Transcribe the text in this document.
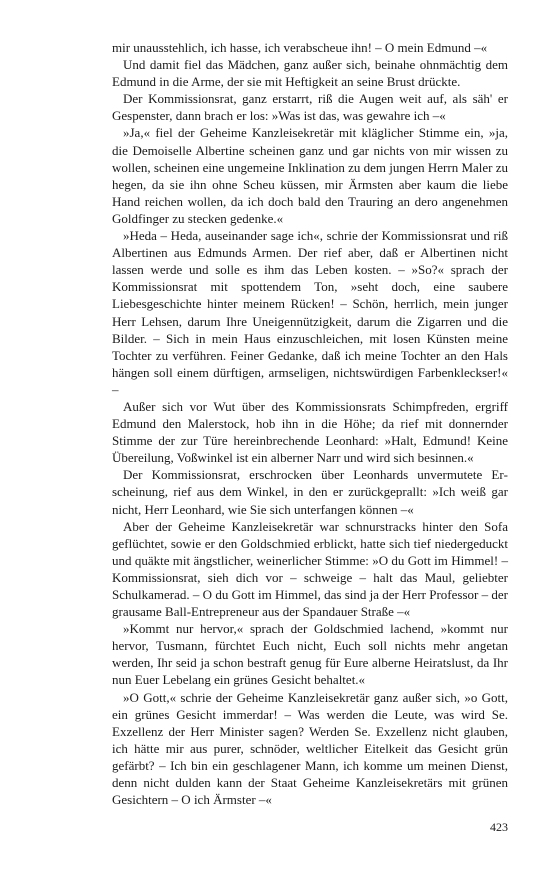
mir unausstehlich, ich hasse, ich verabscheue ihn! – O mein Edmund –«

Und damit fiel das Mädchen, ganz außer sich, beinahe ohnmächtig dem Edmund in die Arme, der sie mit Heftigkeit an seine Brust drückte.

Der Kommissionsrat, ganz erstarrt, riß die Augen weit auf, als säh' er Gespenster, dann brach er los: »Was ist das, was gewahre ich –«

»Ja,« fiel der Geheime Kanzleisekretär mit kläglicher Stimme ein, »ja, die Demoiselle Albertine scheinen ganz und gar nichts von mir wissen zu wollen, scheinen eine ungemeine Inklination zu dem jungen Herrn Maler zu hegen, da sie ihn ohne Scheu küssen, mir Ärmsten aber kaum die liebe Hand reichen wollen, da ich doch bald den Trauring an dero angenehmen Goldfinger zu stecken gedenke.«

»Heda – Heda, auseinander sage ich«, schrie der Kommissionsrat und riß Albertinen aus Edmunds Armen. Der rief aber, daß er Albertinen nicht lassen werde und solle es ihm das Leben kosten. – »So?« sprach der Kommissionsrat mit spottendem Ton, »seht doch, eine saubere Liebesgeschichte hinter meinem Rücken! – Schön, herrlich, mein junger Herr Lehsen, darum Ihre Uneigennützigkeit, darum die Zigarren und die Bilder. – Sich in mein Haus einzuschleichen, mit losen Künsten meine Tochter zu verführen. Feiner Gedanke, daß ich meine Tochter an den Hals hängen soll einem dürftigen, armseligen, nichtswürdigen Farbenkleckser!« –

Außer sich vor Wut über des Kommissionsrats Schimpfreden, ergriff Edmund den Malerstock, hob ihn in die Höhe; da rief mit donnernder Stimme der zur Türe hereinbrechende Leonhard: »Halt, Edmund! Keine Übereilung, Voßwinkel ist ein alberner Narr und wird sich besinnen.«

Der Kommissionsrat, erschrocken über Leonhards unvermutete Erscheinung, rief aus dem Winkel, in den er zurückgeprallt: »Ich weiß gar nicht, Herr Leonhard, wie Sie sich unterfangen können –«

Aber der Geheime Kanzleisekretär war schnurstracks hinter den Sofa geflüchtet, sowie er den Goldschmied erblickt, hatte sich tief niedergeduckt und quäkte mit ängstlicher, weinerlicher Stimme: »O du Gott im Himmel! – Kommissionsrat, sieh dich vor – schweige – halt das Maul, geliebter Schulkamerad. – O du Gott im Himmel, das sind ja der Herr Professor – der grausame Ball-Entrepreneur aus der Spandauer Straße –«

»Kommt nur hervor,« sprach der Goldschmied lachend, »kommt nur hervor, Tusmann, fürchtet Euch nicht, Euch soll nichts mehr angetan werden, Ihr seid ja schon bestraft genug für Eure alberne Heiratslust, da Ihr nun Euer Lebelang ein grünes Gesicht behaltet.«

»O Gott,« schrie der Geheime Kanzleisekretär ganz außer sich, »o Gott, ein grünes Gesicht immerdar! – Was werden die Leute, was wird Se. Exzellenz der Herr Minister sagen? Werden Se. Exzellenz nicht glauben, ich hätte mir aus purer, schnöder, weltlicher Eitelkeit das Gesicht grün gefärbt? – Ich bin ein geschlagener Mann, ich komme um meinen Dienst, denn nicht dulden kann der Staat Geheime Kanzleisekretärs mit grünen Gesichtern – O ich Ärmster –«

423
